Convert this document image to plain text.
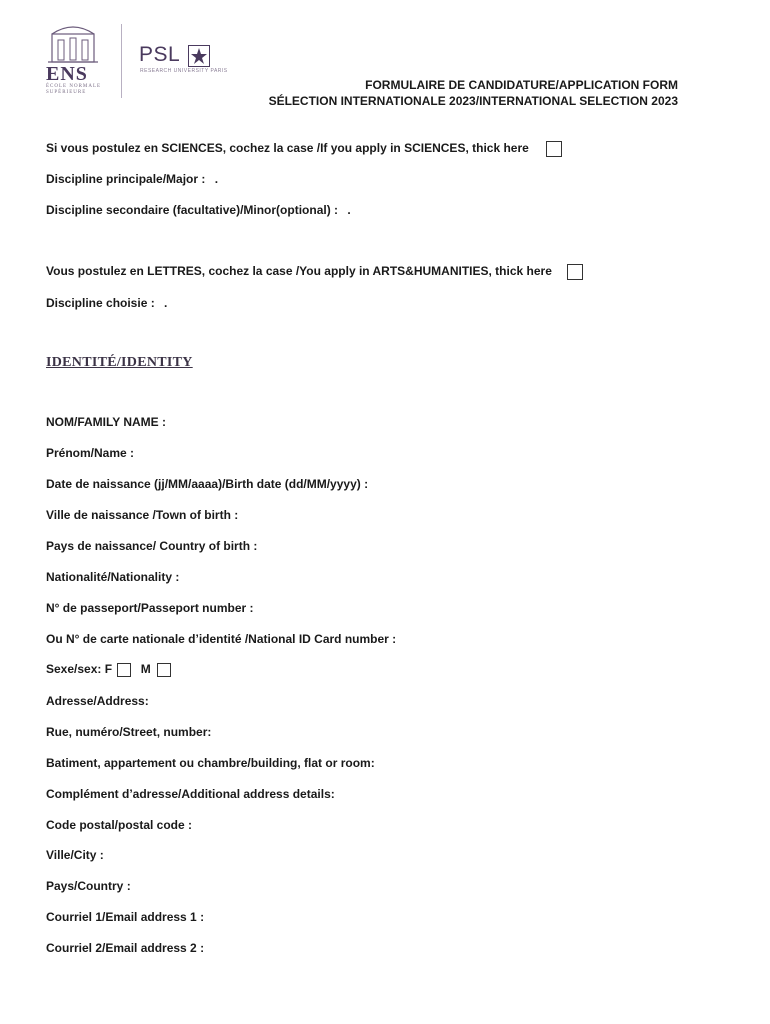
ENS
ÉCOLE NORMALE SUPÉRIEURE
PSL
RESEARCH UNIVERSITY PARIS
FORMULAIRE DE CANDIDATURE/APPLICATION FORM
SÉLECTION INTERNATIONALE 2023/INTERNATIONAL SELECTION 2023
Si vous postulez en SCIENCES, cochez la case /If you apply in SCIENCES, thick here
Discipline principale/Major : .
Discipline secondaire (facultative)/Minor(optional) : .
Vous postulez en LETTRES, cochez la case /You apply in ARTS&HUMANITIES, thick here
Discipline choisie : .
IDENTITÉ/IDENTITY
NOM/FAMILY NAME :
Prénom/Name :
Date de naissance (jj/MM/aaaa)/Birth date (dd/MM/yyyy) :
Ville de naissance /Town of birth :
Pays de naissance/ Country of birth :
Nationalité/Nationality :
N° de passeport/Passeport number :
Ou N° de carte nationale d’identité /National ID Card number :
Sexe/sex: F M
Adresse/Address:
Rue, numéro/Street, number:
Batiment, appartement ou chambre/building, flat or room:
Complément d’adresse/Additional address details:
Code postal/postal code :
Ville/City :
Pays/Country :
Courriel 1/Email address 1 :
Courriel 2/Email address 2 :
